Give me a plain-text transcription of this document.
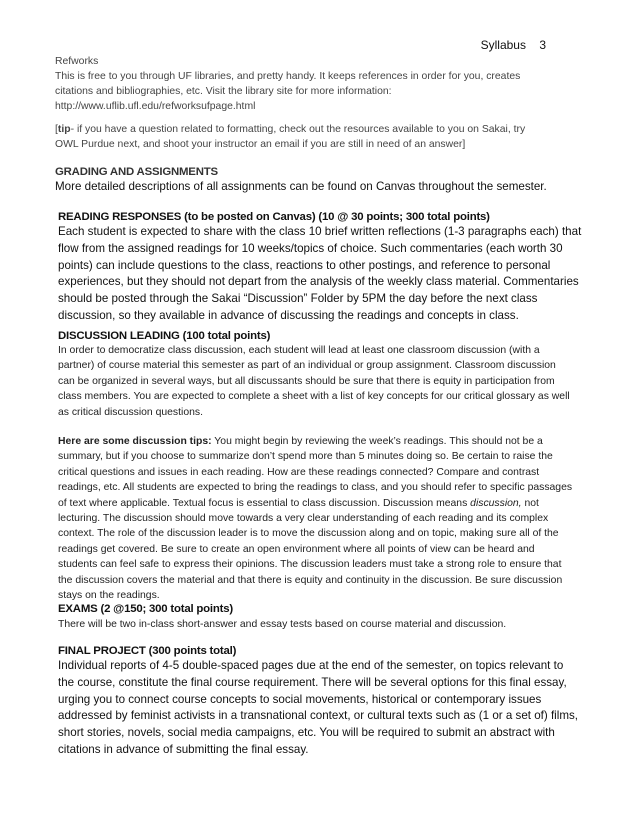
Syllabus 3

Refworks

This is free to you through UF libraries, and pretty handy. It keeps references in order for you, creates

citations and bibliographies, etc. Visit the library site for more information:

http://www.uflib.ufl.edu/refworksufpage.html

[tip- if you have a question related to formatting, check out the resources available to you on Sakai, try

OWL Purdue next, and shoot your instructor an email if you are still in need of an answer]

GRADING AND ASSIGNMENTS

More detailed descriptions of all assignments can be found on Canvas throughout the semester.

READING RESPONSES (to be posted on Canvas) (10 @ 30 points; 300 total points)

Each student is expected to share with the class 10 brief written reflections (1-3 paragraphs each) that

flow from the assigned readings for 10 weeks/topics of choice. Such commentaries (each worth 30

points) can include questions to the class, reactions to other postings, and reference to personal

experiences, but they should not depart from the analysis of the weekly class material. Commentaries

should be posted through the Sakai “Discussion” Folder by 5PM the day before the next class

discussion, so they available in advance of discussing the readings and concepts in class.

DISCUSSION LEADING (100 total points)

In order to democratize class discussion, each student will lead at least one classroom discussion (with a

partner) of course material this semester as part of an individual or group assignment. Classroom discussion

can be organized in several ways, but all discussants should be sure that there is equity in participation from

class members. You are expected to complete a sheet with a list of key concepts for our critical glossary as well

as critical discussion questions.

Here are some discussion tips: You might begin by reviewing the week’s readings. This should not be a

summary, but if you choose to summarize don’t spend more than 5 minutes doing so. Be certain to raise the

critical questions and issues in each reading. How are these readings connected? Compare and contrast

readings, etc. All students are expected to bring the readings to class, and you should refer to specific passages

of text where applicable. Textual focus is essential to class discussion. Discussion means discussion, not

lecturing. The discussion should move towards a very clear understanding of each reading and its complex

context. The role of the discussion leader is to move the discussion along and on topic, making sure all of the

readings get covered. Be sure to create an open environment where all points of view can be heard and

students can feel safe to express their opinions. The discussion leaders must take a strong role to ensure that

the discussion covers the material and that there is equity and continuity in the discussion. Be sure discussion

stays on the readings.

EXAMS (2 @150; 300 total points)

There will be two in-class short-answer and essay tests based on course material and discussion.

FINAL PROJECT (300 points total)

Individual reports of 4-5 double-spaced pages due at the end of the semester, on topics relevant to

the course, constitute the final course requirement. There will be several options for this final essay,

urging you to connect course concepts to social movements, historical or contemporary issues

addressed by feminist activists in a transnational context, or cultural texts such as (1 or a set of) films,

short stories, novels, social media campaigns, etc. You will be required to submit an abstract with

citations in advance of submitting the final essay.
